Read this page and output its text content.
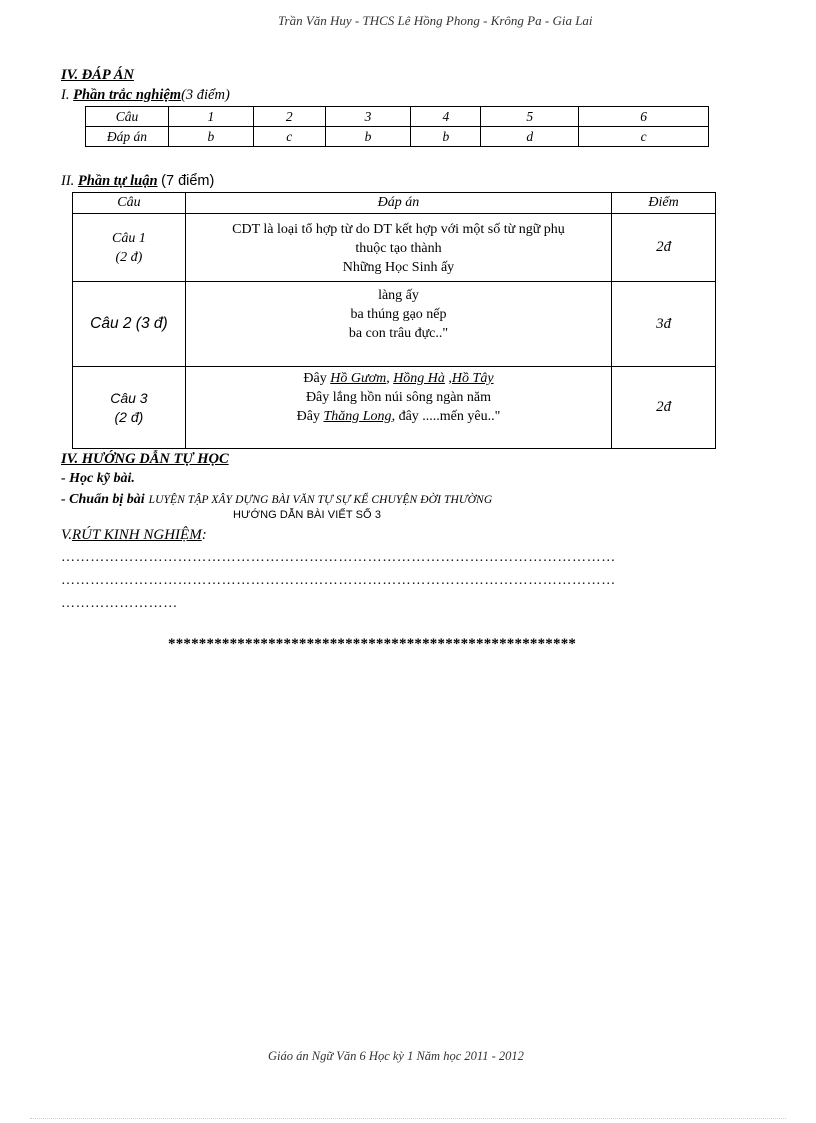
Trần Văn Huy - THCS Lê Hồng Phong - Krông Pa - Gia Lai
IV. ĐÁP ÁN
I. Phần trắc nghiệm(3 điểm)
Câu	1	2	3	4	5	6
Đáp án	b	c	b	b	d	c
II. Phần tự luận (7 điểm)
Câu	Đáp án	Điểm

Câu 1
(2 đ)	CDT là loại tổ hợp từ do DT kết hợp với một số từ ngữ phụ
thuộc tạo thành
Những Học Sinh ấy	2đ
Câu 2 (3 đ)	làng ấy
ba thúng gạo nếp
ba con trâu đực.."	3đ

Câu 3
(2 đ)	Đây Hồ Gươm, Hồng Hà ,Hồ Tây
Đây lắng hồn núi sông ngàn năm
Đây Thăng Long, đây .....mến yêu.."	2đ
IV. HƯỚNG DẪN TỰ HỌC
- Học kỹ bài.
- Chuẩn bị bài LUYỆN TẬP XÂY DỰNG BÀI VĂN TỰ SỰ KỂ CHUYỆN ĐỜI THƯỜNG
HƯỚNG DẪN BÀI VIẾT SỐ 3
V.RÚT KINH NGHIỆM:
……………………………………………………………………………………………………
……………………………………………………………………………………………………
……………………
*****************************************************
Giáo án Ngữ Văn 6 Học kỳ 1 Năm học 2011 - 2012
